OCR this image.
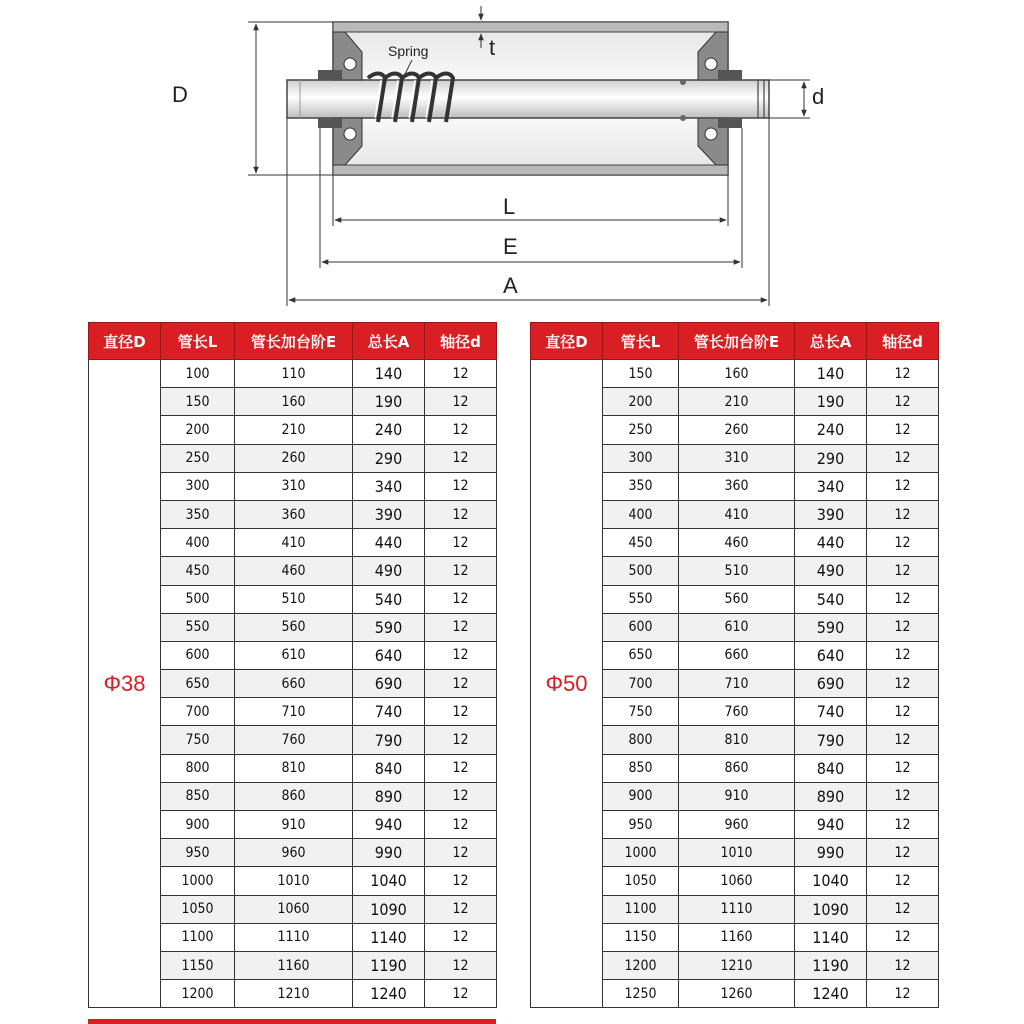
D
t
Spring
d
L
E
A
直径D	管长L	管长加台阶E	总长A	轴径d
Φ38	100	110	140	12
	150	160	190	12
	200	210	240	12
	250	260	290	12
	300	310	340	12
	350	360	390	12
	400	410	440	12
	450	460	490	12
	500	510	540	12
	550	560	590	12
	600	610	640	12
	650	660	690	12
	700	710	740	12
	750	760	790	12
	800	810	840	12
	850	860	890	12
	900	910	940	12
	950	960	990	12
	1000	1010	1040	12
	1050	1060	1090	12
	1100	1110	1140	12
	1150	1160	1190	12
	1200	1210	1240	12
直径D	管长L	管长加台阶E	总长A	轴径d
Φ50	150	160	140	12
	200	210	190	12
	250	260	240	12
	300	310	290	12
	350	360	340	12
	400	410	390	12
	450	460	440	12
	500	510	490	12
	550	560	540	12
	600	610	590	12
	650	660	640	12
	700	710	690	12
	750	760	740	12
	800	810	790	12
	850	860	840	12
	900	910	890	12
	950	960	940	12
	1000	1010	990	12
	1050	1060	1040	12
	1100	1110	1090	12
	1150	1160	1140	12
	1200	1210	1190	12
	1250	1260	1240	12
